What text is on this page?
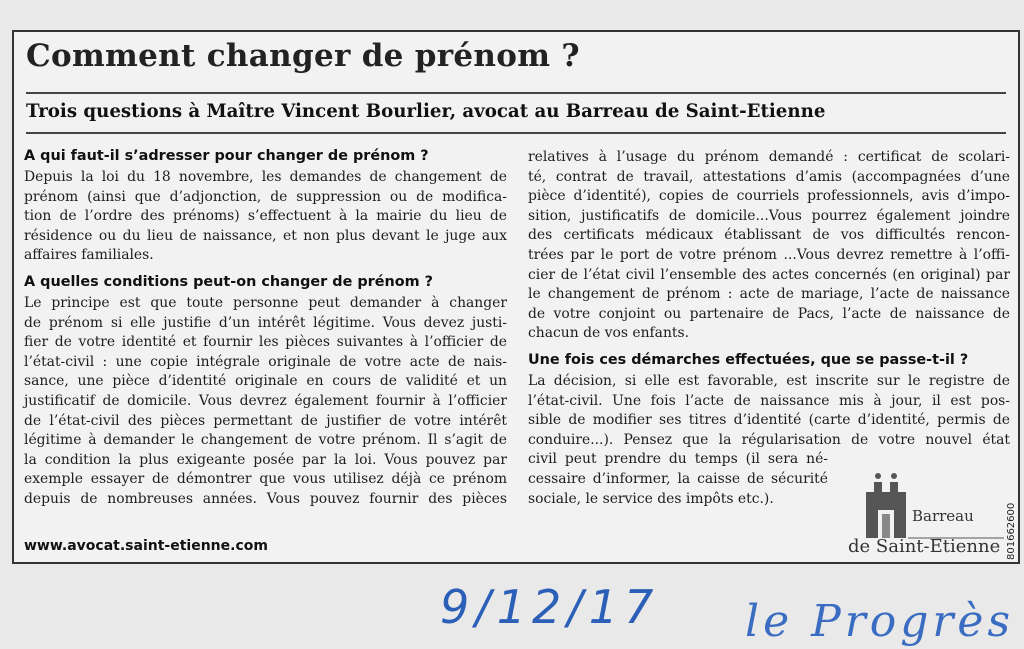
Comment changer de prénom ?
Trois questions à Maître Vincent Bourlier, avocat au Barreau de Saint-Etienne
A qui faut-il s’adresser pour changer de prénom ?
Depuis la loi du 18 novembre, les demandes de changement de
prénom (ainsi que d’adjonction, de suppression ou de modifica-
tion de l’ordre des prénoms) s’effectuent à la mairie du lieu de
résidence ou du lieu de naissance, et non plus devant le juge aux
affaires familiales.
A quelles conditions peut-on changer de prénom ?
Le principe est que toute personne peut demander à changer
de prénom si elle justifie d’un intérêt légitime. Vous devez justi-
fier de votre identité et fournir les pièces suivantes à l’officier de
l’état-civil : une copie intégrale originale de votre acte de nais-
sance, une pièce d’identité originale en cours de validité et un
justificatif de domicile. Vous devrez également fournir à l’officier
de l’état-civil des pièces permettant de justifier de votre intérêt
légitime à demander le changement de votre prénom. Il s’agit de
la condition la plus exigeante posée par la loi. Vous pouvez par
exemple essayer de démontrer que vous utilisez déjà ce prénom
depuis de nombreuses années. Vous pouvez fournir des pièces
relatives à l’usage du prénom demandé : certificat de scolari-
té, contrat de travail, attestations d’amis (accompagnées d’une
pièce d’identité), copies de courriels professionnels, avis d’impo-
sition, justificatifs de domicile...Vous pourrez également joindre
des certificats médicaux établissant de vos difficultés rencon-
trées par le port de votre prénom ...Vous devrez remettre à l’offi-
cier de l’état civil l’ensemble des actes concernés (en original) par
le changement de prénom : acte de mariage, l’acte de naissance
de votre conjoint ou partenaire de Pacs, l’acte de naissance de
chacun de vos enfants.
Une fois ces démarches effectuées, que se passe-t-il ?
La décision, si elle est favorable, est inscrite sur le registre de
l’état-civil. Une fois l’acte de naissance mis à jour, il est pos-
sible de modifier ses titres d’identité (carte d’identité, permis de
conduire...). Pensez que la régularisation de votre nouvel état
civil peut prendre du temps (il sera né-
cessaire d’informer, la caisse de sécurité
sociale, le service des impôts etc.).
www.avocat.saint-etienne.com
Barreau
de Saint-Etienne
9/12/17 le Progrès
